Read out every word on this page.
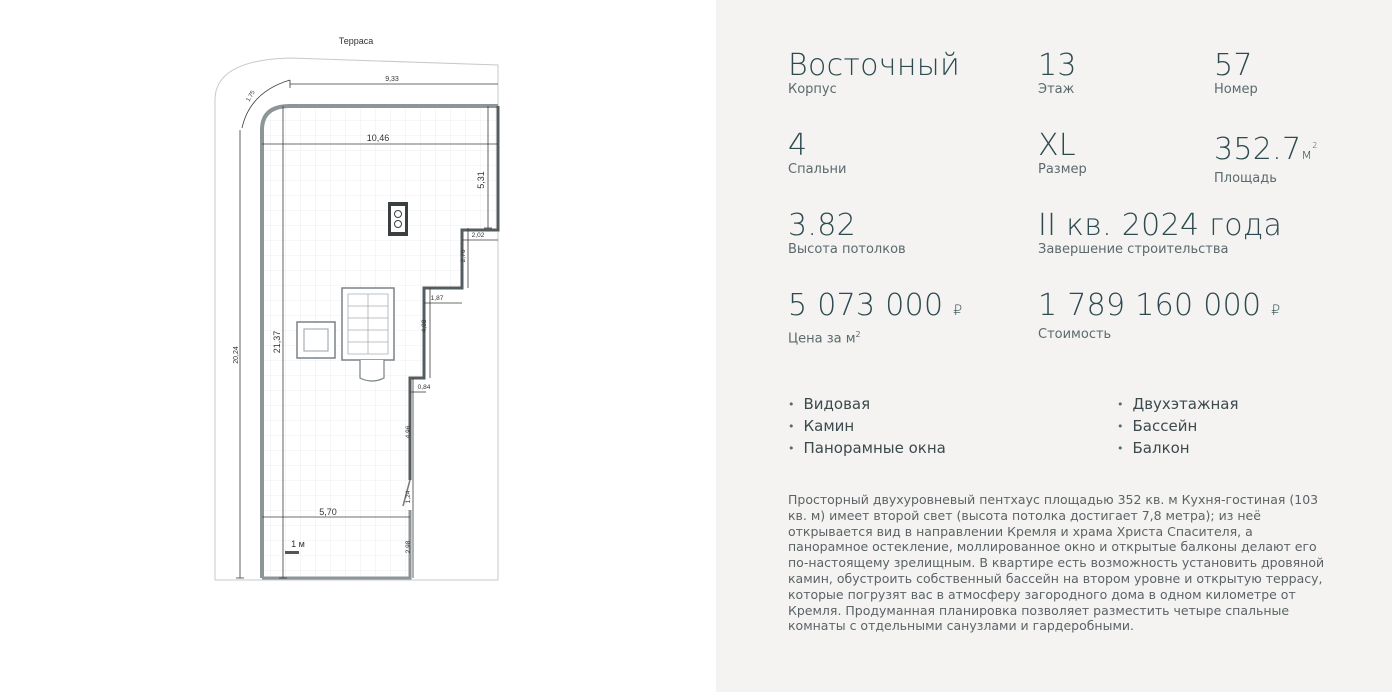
Терраса
9,33
10,46
5,31
2,02
2,76
1,87
4,08
0,84
4,96
1,24
2,98
5,70
20,24
21,37
1.75
1 м
Восточный
Корпус
13
Этаж
57
Номер
4
Спальни
XL
Размер
$352.7м^2$
Площадь
3.82
Высота потолков
II кв. 2024 года
Завершение строительства
5 073 000 ₽
Цена за $м^2$
1 789 160 000 ₽
Стоимость
• Видовая
• Камин
• Панорамные окна
• Двухэтажная
• Бассейн
• Балкон
Просторный двухуровневый пентхаус площадью 352 кв. м Кухня-гостиная (103 кв. м) имеет второй свет (высота потолка достигает 7,8 метра); из неё открывается вид в направлении Кремля и храма Христа Спасителя, а панорамное остекление, моллированное окно и открытые балконы делают его по-настоящему зрелищным. В квартире есть возможность установить дровяной камин, обустроить собственный бассейн на втором уровне и открытую террасу, которые погрузят вас в атмосферу загородного дома в одном километре от Кремля. Продуманная планировка позволяет разместить четыре спальные комнаты с отдельными санузлами и гардеробными.
